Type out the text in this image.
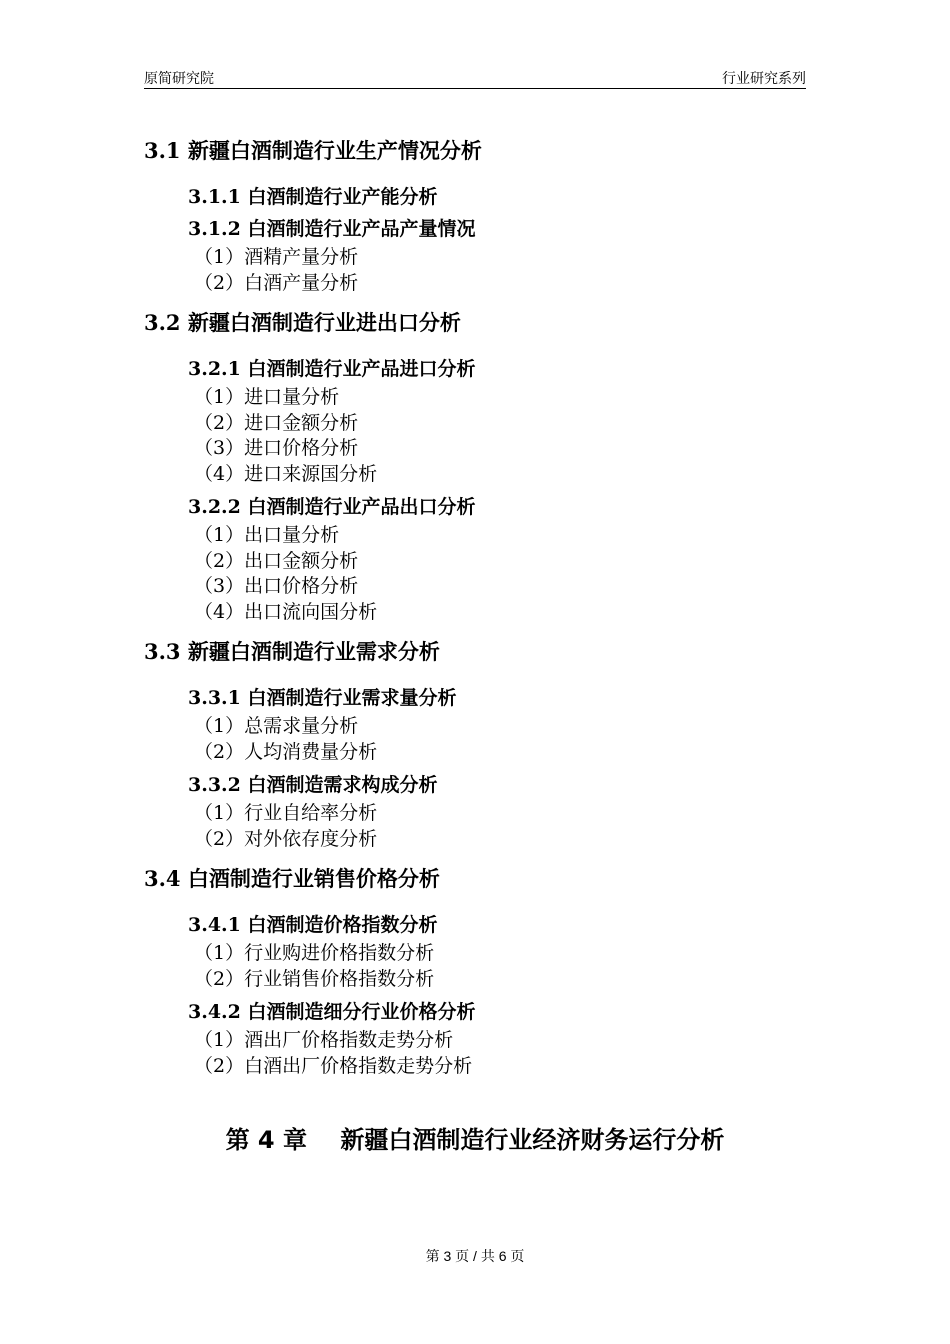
原简研究院	行业研究系列
3.1 新疆白酒制造行业生产情况分析
3.1.1 白酒制造行业产能分析
3.1.2 白酒制造行业产品产量情况
（1）酒精产量分析
（2）白酒产量分析
3.2 新疆白酒制造行业进出口分析
3.2.1 白酒制造行业产品进口分析
（1）进口量分析
（2）进口金额分析
（3）进口价格分析
（4）进口来源国分析
3.2.2 白酒制造行业产品出口分析
（1）出口量分析
（2）出口金额分析
（3）出口价格分析
（4）出口流向国分析
3.3 新疆白酒制造行业需求分析
3.3.1 白酒制造行业需求量分析
（1）总需求量分析
（2）人均消费量分析
3.3.2 白酒制造需求构成分析
（1）行业自给率分析
（2）对外依存度分析
3.4 白酒制造行业销售价格分析
3.4.1 白酒制造价格指数分析
（1）行业购进价格指数分析
（2）行业销售价格指数分析
3.4.2 白酒制造细分行业价格分析
（1）酒出厂价格指数走势分析
（2）白酒出厂价格指数走势分析
第 4 章    新疆白酒制造行业经济财务运行分析
第 3 页 / 共 6 页
